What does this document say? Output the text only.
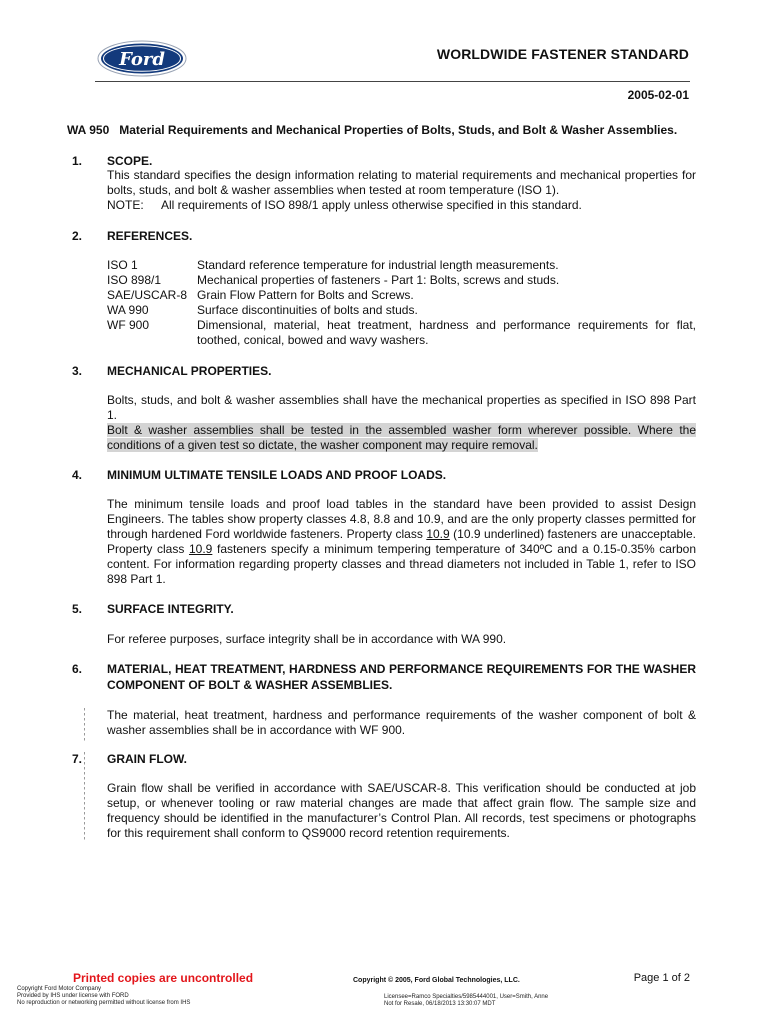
Ford	WORLDWIDE FASTENER STANDARD
2005-02-01
WA 950 Material Requirements and Mechanical Properties of Bolts, Studs, and Bolt & Washer Assemblies.
1. SCOPE.
This standard specifies the design information relating to material requirements and mechanical properties for bolts, studs, and bolt & washer assemblies when tested at room temperature (ISO 1).
NOTE: All requirements of ISO 898/1 apply unless otherwise specified in this standard.
2. REFERENCES.
ISO 1	Standard reference temperature for industrial length measurements.
ISO 898/1	Mechanical properties of fasteners - Part 1: Bolts, screws and studs.
SAE/USCAR-8 Grain Flow Pattern for Bolts and Screws.
WA 990	Surface discontinuities of bolts and studs.
WF 900	Dimensional, material, heat treatment, hardness and performance requirements for flat, toothed, conical, bowed and wavy washers.
3. MECHANICAL PROPERTIES.
Bolts, studs, and bolt & washer assemblies shall have the mechanical properties as specified in ISO 898 Part 1.
Bolt & washer assemblies shall be tested in the assembled washer form wherever possible. Where the conditions of a given test so dictate, the washer component may require removal.
4. MINIMUM ULTIMATE TENSILE LOADS AND PROOF LOADS.
The minimum tensile loads and proof load tables in the standard have been provided to assist Design Engineers. The tables show property classes 4.8, 8.8 and 10.9, and are the only property classes permitted for through hardened Ford worldwide fasteners. Property class 10.9 (10.9 underlined) fasteners are unacceptable. Property class 10.9 fasteners specify a minimum tempering temperature of 340ºC and a 0.15-0.35% carbon content. For information regarding property classes and thread diameters not included in Table 1, refer to ISO 898 Part 1.
5. SURFACE INTEGRITY.
For referee purposes, surface integrity shall be in accordance with WA 990.
6. MATERIAL, HEAT TREATMENT, HARDNESS AND PERFORMANCE REQUIREMENTS FOR THE WASHER COMPONENT OF BOLT & WASHER ASSEMBLIES.
The material, heat treatment, hardness and performance requirements of the washer component of bolt & washer assemblies shall be in accordance with WF 900.
7. GRAIN FLOW.
Grain flow shall be verified in accordance with SAE/USCAR-8. This verification should be conducted at job setup, or whenever tooling or raw material changes are made that affect grain flow. The sample size and frequency should be identified in the manufacturer’s Control Plan. All records, test specimens or photographs for this requirement shall conform to QS9000 record retention requirements.
Printed copies are uncontrolled	Copyright © 2005, Ford Global Technologies, LLC.	Page 1 of 2
Copyright Ford Motor Company
Provided by IHS under license with FORD
No reproduction or networking permitted without license from IHS
Licensee=Ramco Specialties/5985444001, User=Smith, Anne
Not for Resale, 06/18/2013 13:30:07 MDT
